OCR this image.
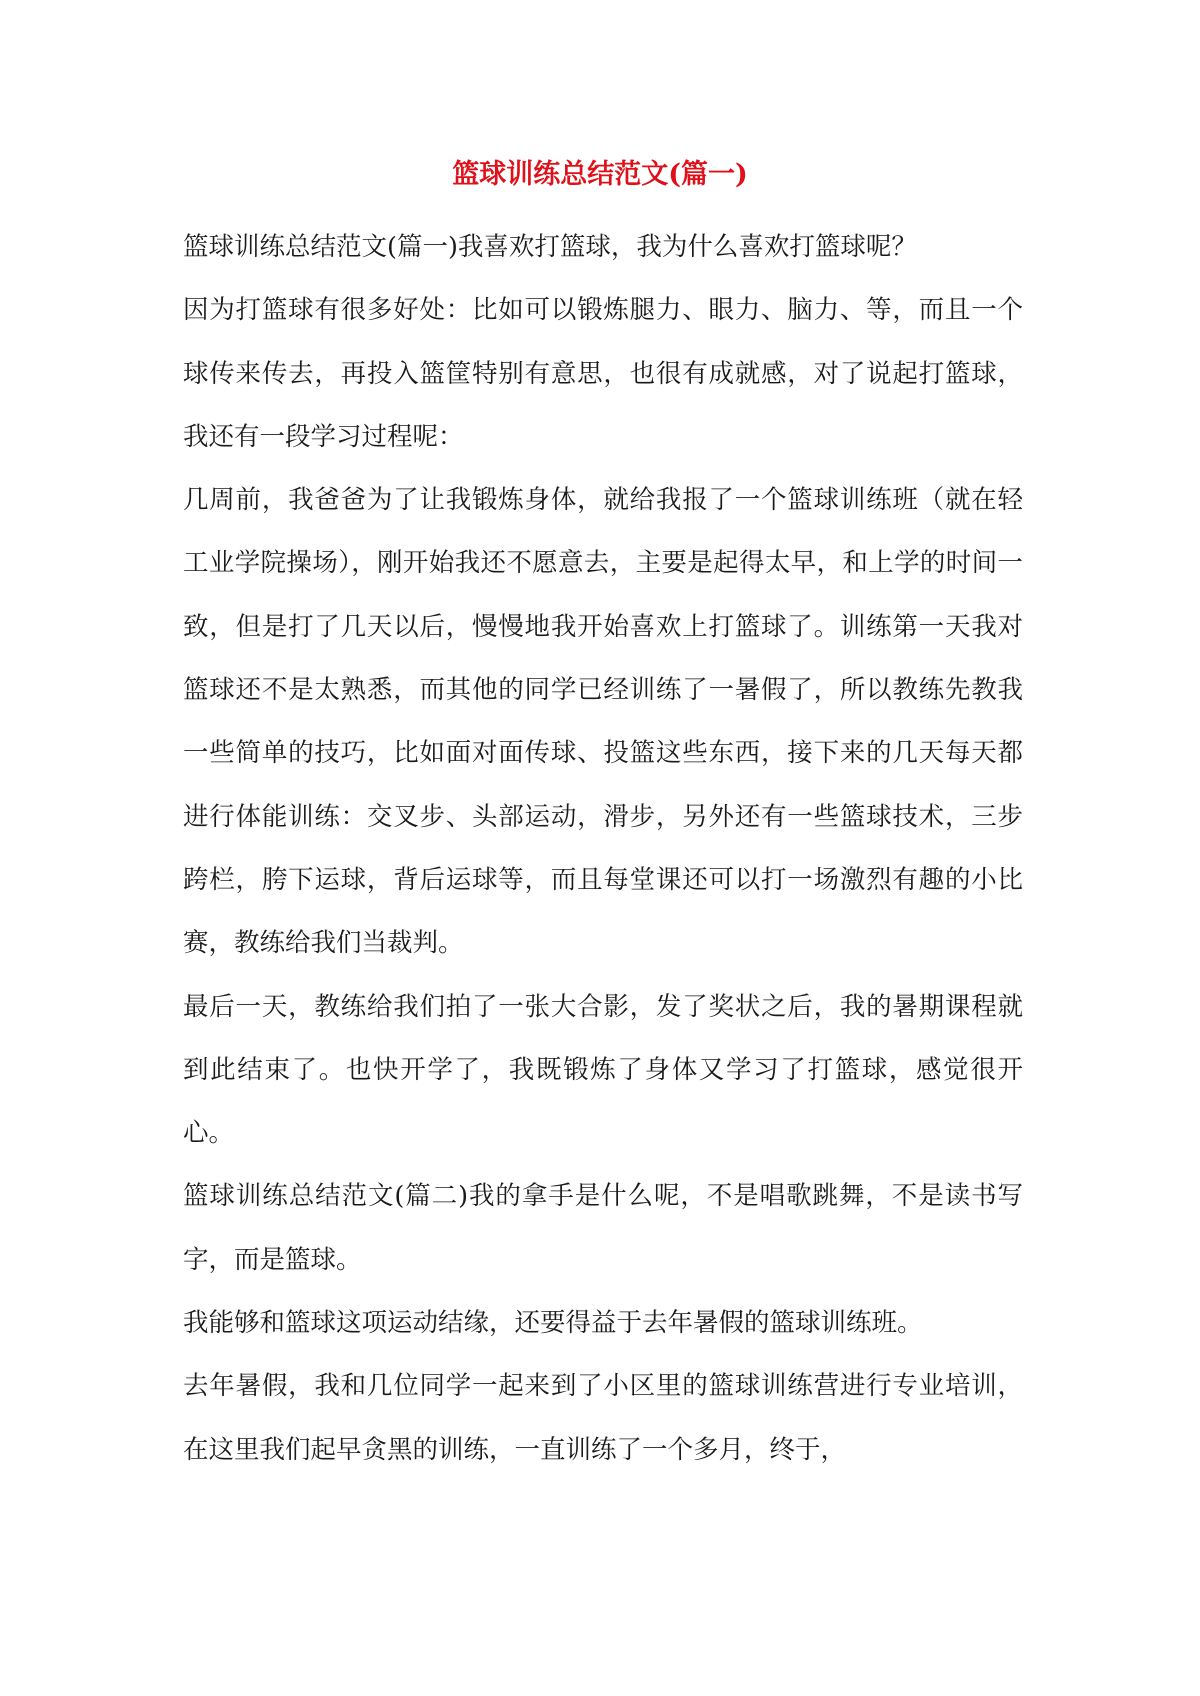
篮球训练总结范文(篇一)

篮球训练总结范文(篇一)我喜欢打篮球，我为什么喜欢打篮球呢？

因为打篮球有很多好处：比如可以锻炼腿力、眼力、脑力、等，而且一个球传来传去，再投入篮筐特别有意思，也很有成就感，对了说起打篮球，我还有一段学习过程呢：

几周前，我爸爸为了让我锻炼身体，就给我报了一个篮球训练班（就在轻工业学院操场），刚开始我还不愿意去，主要是起得太早，和上学的时间一致，但是打了几天以后，慢慢地我开始喜欢上打篮球了。训练第一天我对篮球还不是太熟悉，而其他的同学已经训练了一暑假了，所以教练先教我一些简单的技巧，比如面对面传球、投篮这些东西，接下来的几天每天都进行体能训练：交叉步、头部运动，滑步，另外还有一些篮球技术，三步跨栏，胯下运球，背后运球等，而且每堂课还可以打一场激烈有趣的小比赛，教练给我们当裁判。

最后一天，教练给我们拍了一张大合影，发了奖状之后，我的暑期课程就到此结束了。也快开学了，我既锻炼了身体又学习了打篮球，感觉很开心。

篮球训练总结范文(篇二)我的拿手是什么呢，不是唱歌跳舞，不是读书写字，而是篮球。

我能够和篮球这项运动结缘，还要得益于去年暑假的篮球训练班。

去年暑假，我和几位同学一起来到了小区里的篮球训练营进行专业培训，在这里我们起早贪黑的训练，一直训练了一个多月，终于，
